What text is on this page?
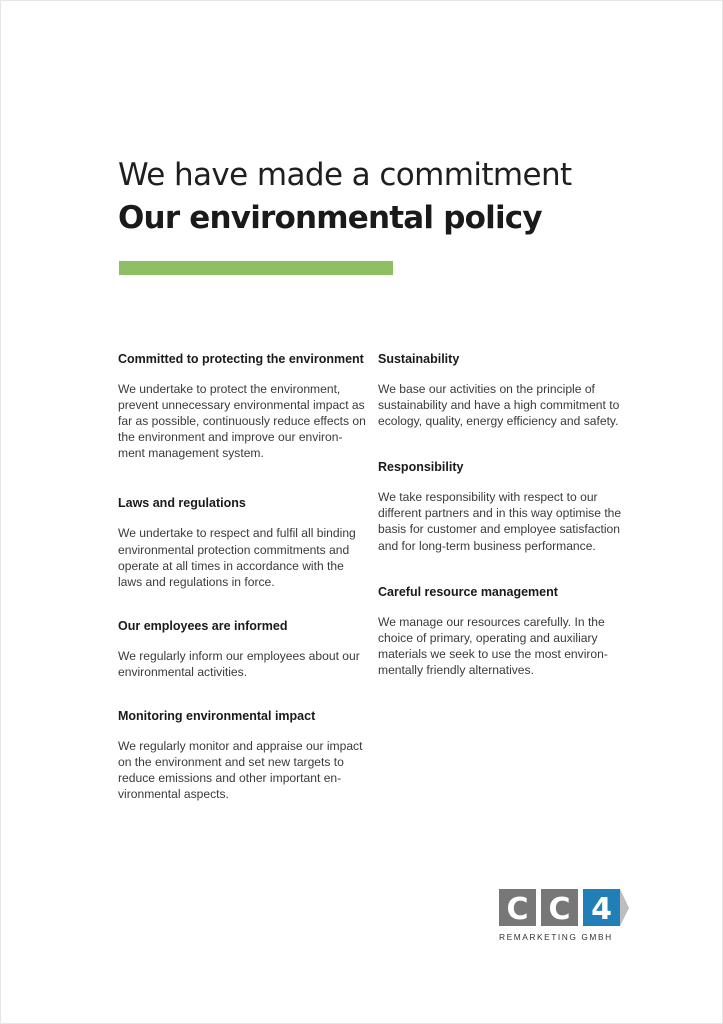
We have made a commitment
Our environmental policy
Committed to protecting the environment

We undertake to protect the environment, prevent unnecessary environmental impact as far as possible, continuously reduce effects on the environment and improve our environ-ment management system.

Laws and regulations

We undertake to respect and fulfil all binding environmental protection commitments and operate at all times in accordance with the laws and regulations in force.

Our employees are informed

We regularly inform our employees about our environmental activities.

Monitoring environmental impact

We regularly monitor and appraise our impact on the environment and set new targets to reduce emissions and other important en-vironmental aspects.

Sustainability

We base our activities on the principle of sustainability and have a high commitment to ecology, quality, energy efficiency and safety.

Responsibility

We take responsibility with respect to our different partners and in this way optimise the basis for customer and employee satisfaction and for long-term business performance.

Careful resource management

We manage our resources carefully. In the choice of primary, operating and auxiliary materials we seek to use the most environ-mentally friendly alternatives.

C C 4
REMARKETING GMBH
